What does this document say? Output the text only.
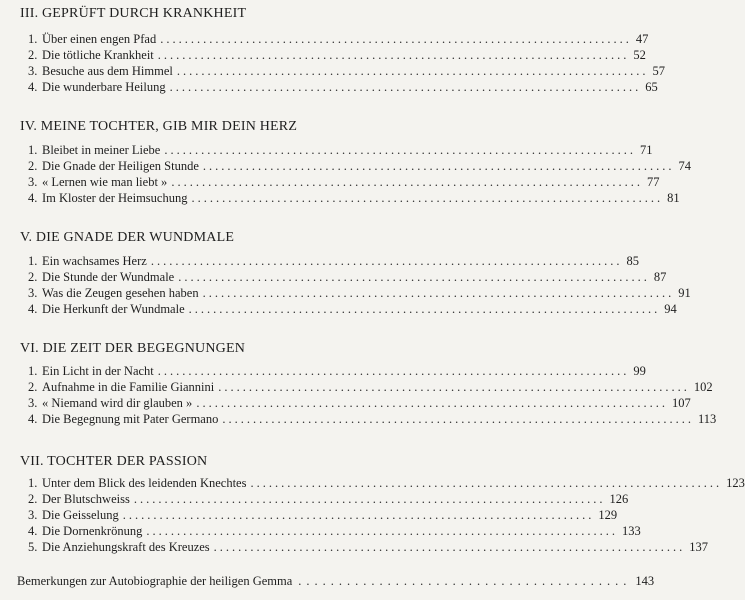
III. GEPRÜFT DURCH KRANKHEIT
1. Über einen engen Pfad ............................................................................. 47
2. Die tötliche Krankheit ............................................................................. 52
3. Besuche aus dem Himmel ............................................................................. 57
4. Die wunderbare Heilung ............................................................................. 65
IV. MEINE TOCHTER, GIB MIR DEIN HERZ
1. Bleibet in meiner Liebe ............................................................................. 71
2. Die Gnade der Heiligen Stunde ............................................................................. 74
3. « Lernen wie man liebt » ............................................................................. 77
4. Im Kloster der Heimsuchung ............................................................................. 81
V. DIE GNADE DER WUNDMALE
1. Ein wachsames Herz ............................................................................. 85
2. Die Stunde der Wundmale ............................................................................. 87
3. Was die Zeugen gesehen haben ............................................................................. 91
4. Die Herkunft der Wundmale ............................................................................. 94
VI. DIE ZEIT DER BEGEGNUNGEN
1. Ein Licht in der Nacht ............................................................................. 99
2. Aufnahme in die Familie Giannini ............................................................................. 102
3. « Niemand wird dir glauben » ............................................................................. 107
4. Die Begegnung mit Pater Germano ............................................................................. 113
VII. TOCHTER DER PASSION
1. Unter dem Blick des leidenden Knechtes ............................................................................. 123
2. Der Blutschweiss ............................................................................. 126
3. Die Geisselung ............................................................................. 129
4. Die Dornenkrönung ............................................................................. 133
5. Die Anziehungskraft des Kreuzes ............................................................................. 137
Bemerkungen zur Autobiographie der heiligen Gemma ......................................... 143
